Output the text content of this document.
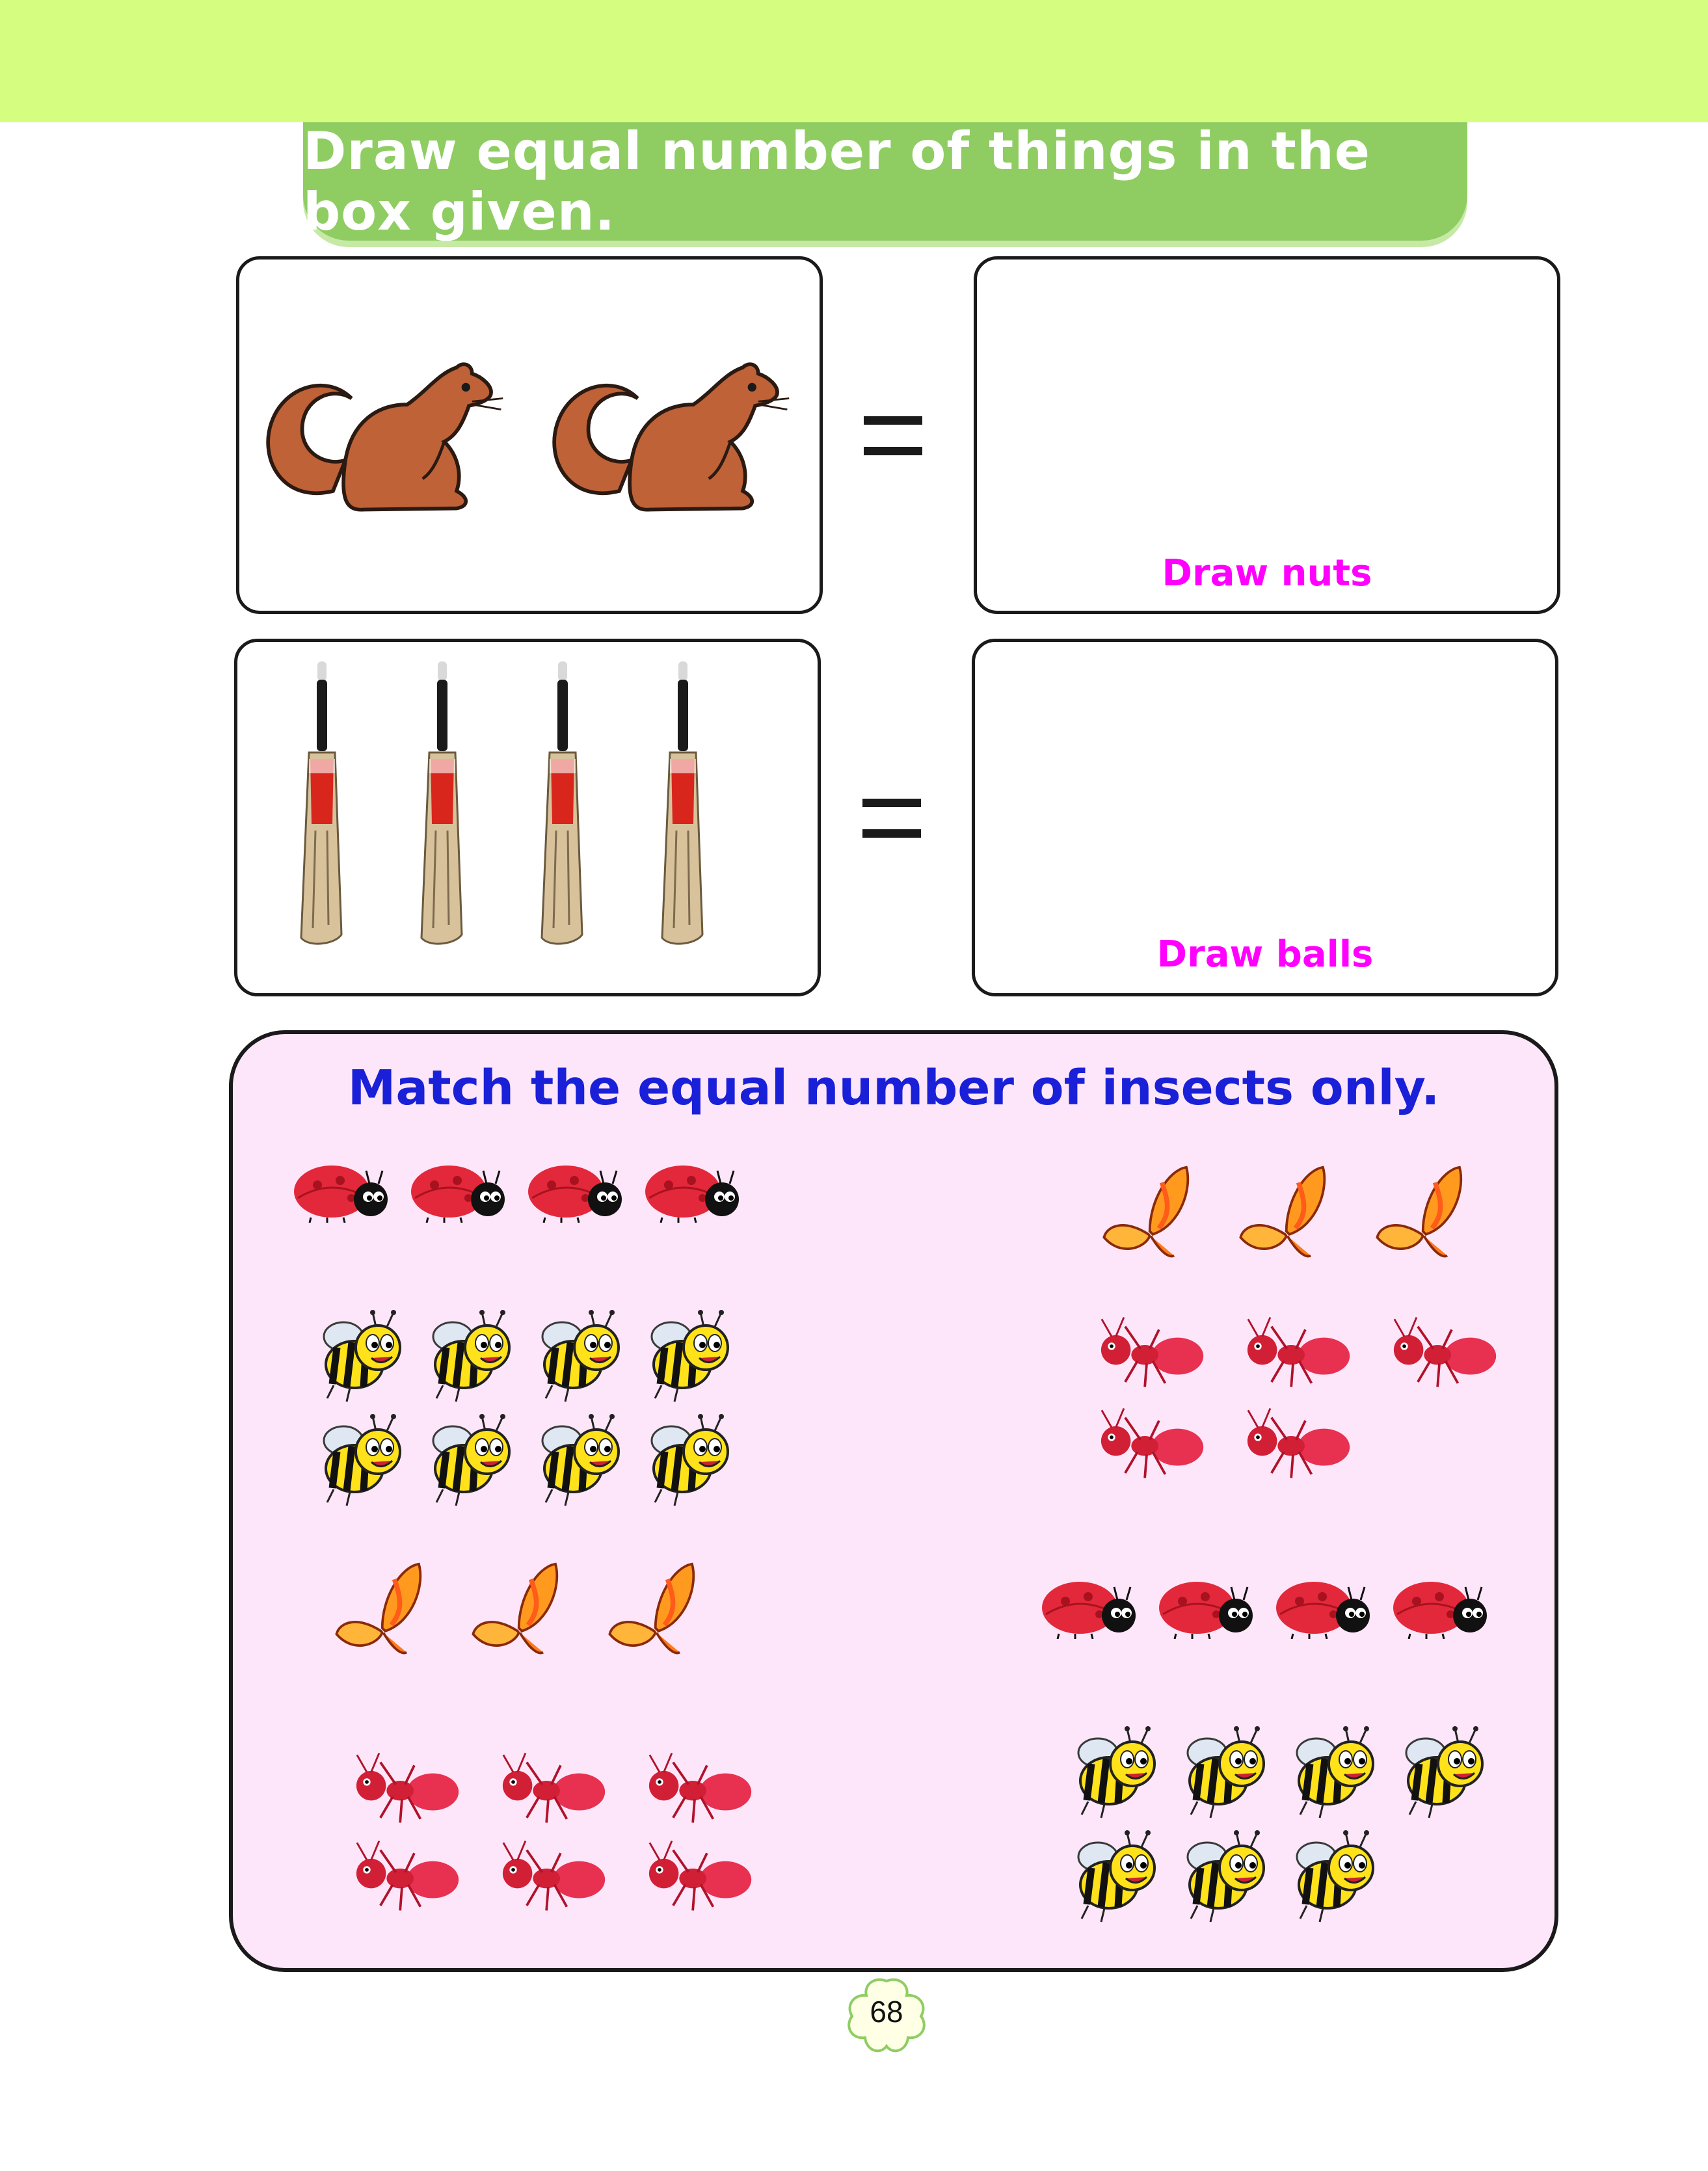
Draw equal number of things in the box given.
Draw nuts
Draw balls
Match the equal number of insects only.
68
